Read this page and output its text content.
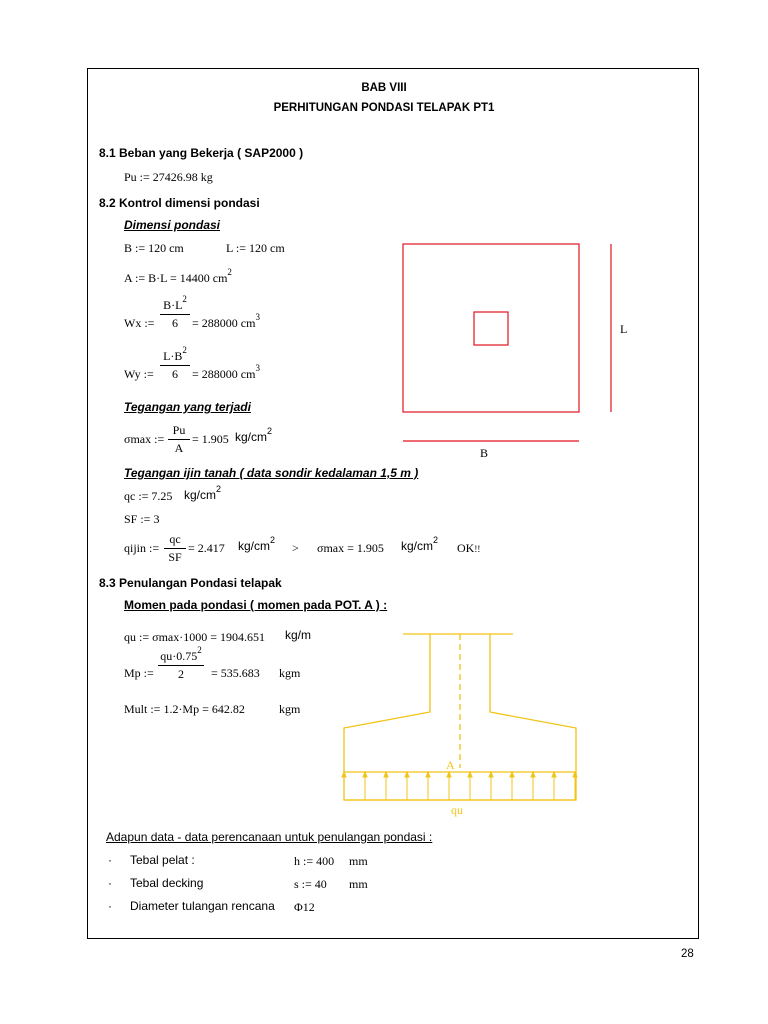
BAB VIII
PERHITUNGAN PONDASI TELAPAK PT1
8.1 Beban yang Bekerja ( SAP2000 )
Pu := 27426.98 kg
8.2 Kontrol dimensi pondasi
Dimensi pondasi
B := 120 cm	L := 120 cm
A := B·L = 14400 $cm^2$
Wx :=
$B\cdot L^2$
6	= 288000 $cm^3$
Wy :=
$L\cdot B^2$
6	= 288000 $cm^3$
Tegangan yang terjadi
σmax :=
Pu
A
= 1.905 $kg/cm^2$
Tegangan ijin tanah ( data sondir kedalaman 1,5 m )
qc := 7.25 $kg/cm^2$
SF := 3
qijin :=
qc
SF
= 2.417 $kg/cm^2$
> σmax = 1.905 $kg/cm^2$
OK!!
L
B
8.3 Penulangan Pondasi telapak
Momen pada pondasi ( momen pada POT. A ) :
qu := σmax·1000 = 1904.651 kg/m
Mp :=
$qu\cdot 0.75^2$
2	= 535.683 kgm
Mult := 1.2·Mp = 642.82	kgm
A
qu
Adapun data - data perencanaan untuk penulangan pondasi :
· Tebal pelat :	h := 400 mm
· Tebal decking	s := 40 mm
· Diameter tulangan rencana Φ12
28
